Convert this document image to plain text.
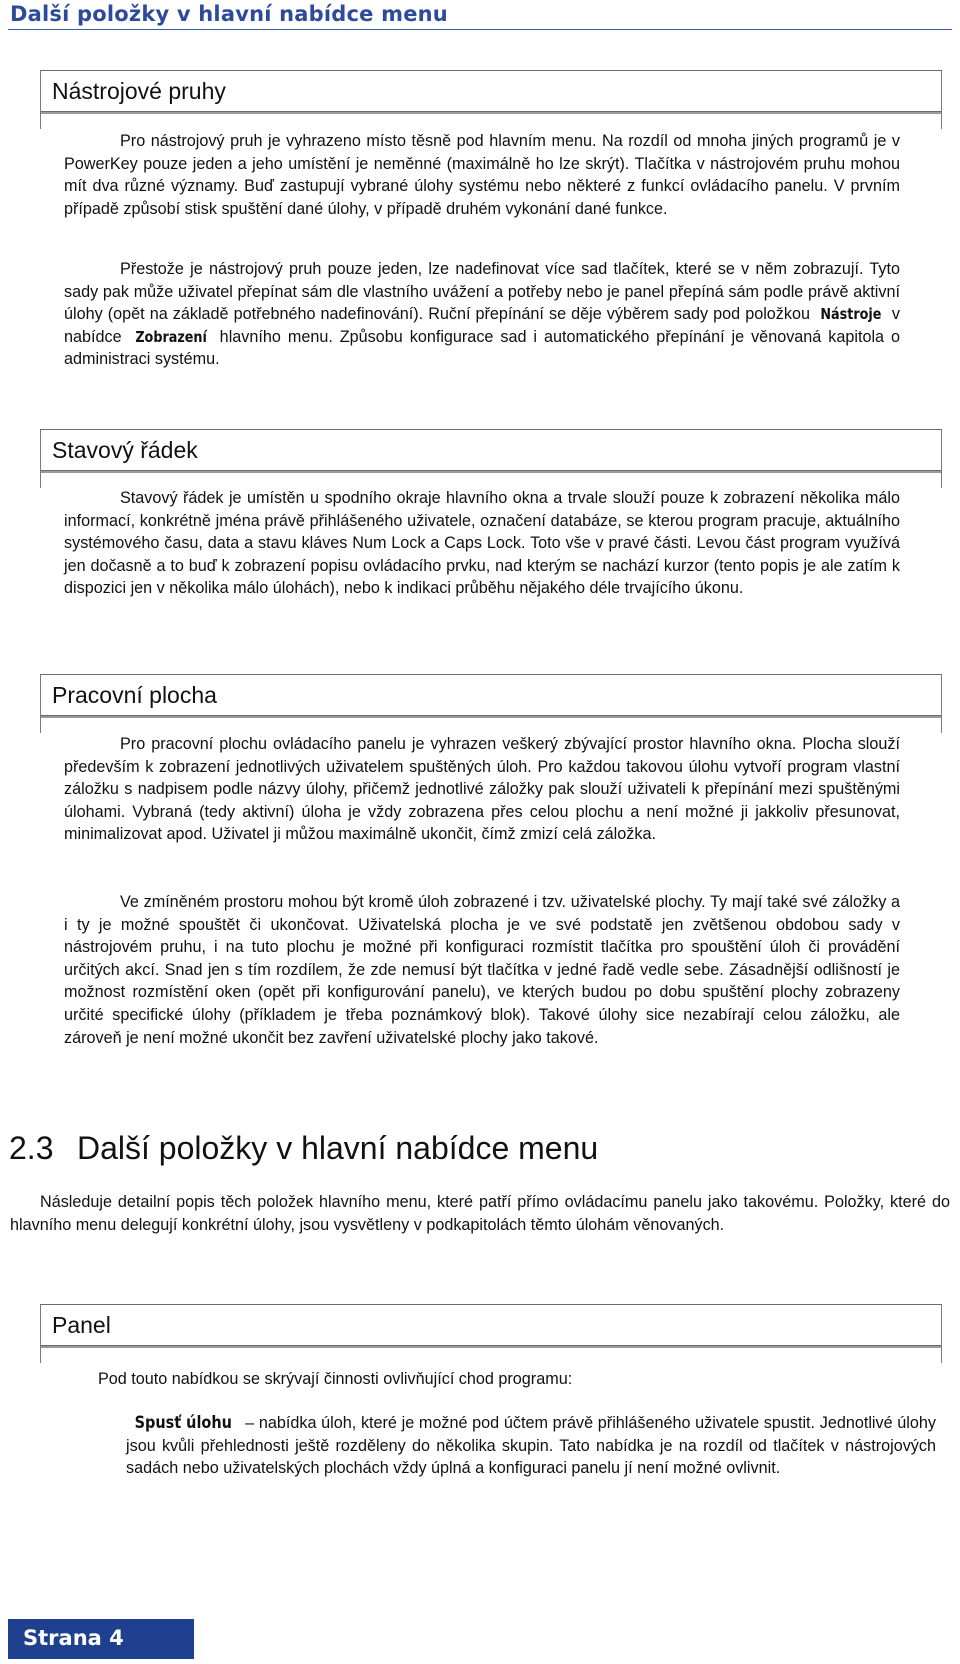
Další položky v hlavní nabídce menu
Nástrojové pruhy

Pro nástrojový pruh je vyhrazeno místo těsně pod hlavním menu. Na rozdíl od mnoha jiných programů je v PowerKey pouze jeden a jeho umístění je neměnné (maximálně ho lze skrýt). Tlačítka v nástrojovém pruhu mohou mít dva různé významy. Buď zastupují vybrané úlohy systému nebo některé z funkcí ovládacího panelu. V prvním případě způsobí stisk spuštění dané úlohy, v případě druhém vykonání dané funkce.

Přestože je nástrojový pruh pouze jeden, lze nadefinovat více sad tlačítek, které se v něm zobrazují. Tyto sady pak může uživatel přepínat sám dle vlastního uvážení a potřeby nebo je panel přepíná sám podle právě aktivní úlohy (opět na základě potřebného nadefinování). Ruční přepínání se děje výběrem sady pod položkou Nástroje v nabídce Zobrazení hlavního menu. Způsobu konfigurace sad i automatického přepínání je věnovaná kapitola o administraci systému.

Stavový řádek

Stavový řádek je umístěn u spodního okraje hlavního okna a trvale slouží pouze k zobrazení několika málo informací, konkrétně jména právě přihlášeného uživatele, označení databáze, se kterou program pracuje, aktuálního systémového času, data a stavu kláves Num Lock a Caps Lock. Toto vše v pravé části. Levou část program využívá jen dočasně a to buď k zobrazení popisu ovládacího prvku, nad kterým se nachází kurzor (tento popis je ale zatím k dispozici jen v několika málo úlohách), nebo k indikaci průběhu nějakého déle trvajícího úkonu.

Pracovní plocha

Pro pracovní plochu ovládacího panelu je vyhrazen veškerý zbývající prostor hlavního okna. Plocha slouží především k zobrazení jednotlivých uživatelem spuštěných úloh. Pro každou takovou úlohu vytvoří program vlastní záložku s nadpisem podle názvy úlohy, přičemž jednotlivé záložky pak slouží uživateli k přepínání mezi spuštěnými úlohami. Vybraná (tedy aktivní) úloha je vždy zobrazena přes celou plochu a není možné ji jakkoliv přesunovat, minimalizovat apod. Uživatel ji můžou maximálně ukončit, čímž zmizí celá záložka.

Ve zmíněném prostoru mohou být kromě úloh zobrazené i tzv. uživatelské plochy. Ty mají také své záložky a i ty je možné spouštět či ukončovat. Uživatelská plocha je ve své podstatě jen zvětšenou obdobou sady v nástrojovém pruhu, i na tuto plochu je možné při konfiguraci rozmístit tlačítka pro spouštění úloh či provádění určitých akcí. Snad jen s tím rozdílem, že zde nemusí být tlačítka v jedné řadě vedle sebe. Zásadnější odlišností je možnost rozmístění oken (opět při konfigurování panelu), ve kterých budou po dobu spuštění plochy zobrazeny určité specifické úlohy (příkladem je třeba poznámkový blok). Takové úlohy sice nezabírají celou záložku, ale zároveň je není možné ukončit bez zavření uživatelské plochy jako takové.

2.3 Další položky v hlavní nabídce menu

Následuje detailní popis těch položek hlavního menu, které patří přímo ovládacímu panelu jako takovému. Položky, které do hlavního menu delegují konkrétní úlohy, jsou vysvětleny v podkapitolách těmto úlohám věnovaných.

Panel

Pod touto nabídkou se skrývají činnosti ovlivňující chod programu:

Spusť úlohu – nabídka úloh, které je možné pod účtem právě přihlášeného uživatele spustit. Jednotlivé úlohy jsou kvůli přehlednosti ještě rozděleny do několika skupin. Tato nabídka je na rozdíl od tlačítek v nástrojových sadách nebo uživatelských plochách vždy úplná a konfiguraci panelu jí není možné ovlivnit.

Strana 4
